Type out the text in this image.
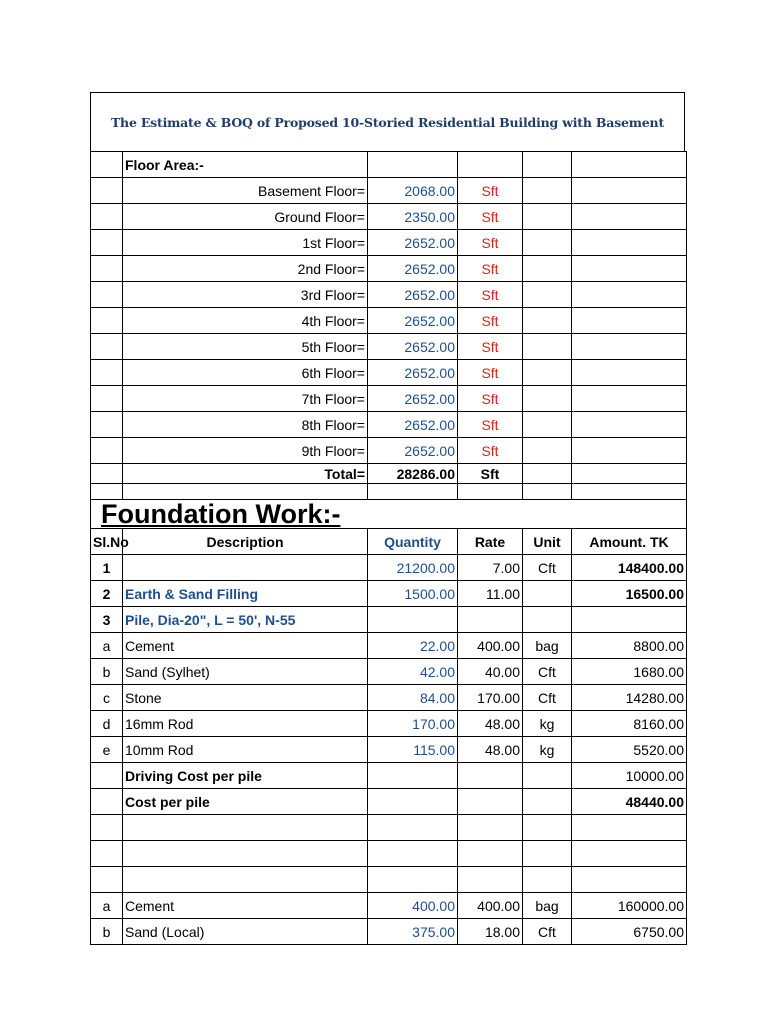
The Estimate & BOQ of Proposed 10-Storied Residential Building with Basement
	Floor Area:-				
	Basement Floor=	2068.00	Sft		
	Ground Floor=	2350.00	Sft		
	1st Floor=	2652.00	Sft		
	2nd Floor=	2652.00	Sft		
	3rd Floor=	2652.00	Sft		
	4th Floor=	2652.00	Sft		
	5th Floor=	2652.00	Sft		
	6th Floor=	2652.00	Sft		
	7th Floor=	2652.00	Sft		
	8th Floor=	2652.00	Sft		
	9th Floor=	2652.00	Sft		
	Total=	28286.00	Sft		

Foundation Work:-					
Sl.No	Description	Quantity	Rate	Unit	Amount. TK
1		21200.00	7.00	Cft	148400.00
2	Earth & Sand Filling	1500.00	11.00		16500.00
3	Pile, Dia-20", L = 50', N-55				
a	Cement	22.00	400.00	bag	8800.00
b	Sand (Sylhet)	42.00	40.00	Cft	1680.00
c	Stone	84.00	170.00	Cft	14280.00
d	16mm Rod	170.00	48.00	kg	8160.00
e	10mm Rod	115.00	48.00	kg	5520.00
	Driving Cost per pile				10000.00
	Cost per pile				48440.00

a	Cement	400.00	400.00	bag	160000.00
b	Sand (Local)	375.00	18.00	Cft	6750.00
